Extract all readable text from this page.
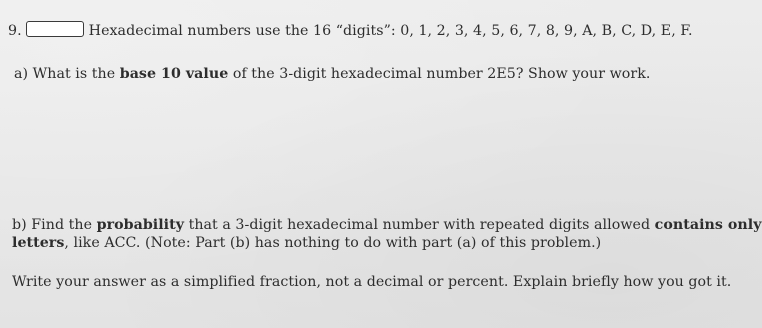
9.	Hexadecimal numbers use the 16 “digits”: 0, 1, 2, 3, 4, 5, 6, 7, 8, 9, A, B, C, D, E, F.
a) What is the base 10 value of the 3-digit hexadecimal number 2E5? Show your work.
b) Find the probability that a 3-digit hexadecimal number with repeated digits allowed contains only
letters, like ACC. (Note: Part (b) has nothing to do with part (a) of this problem.)
Write your answer as a simplified fraction, not a decimal or percent. Explain briefly how you got it.
